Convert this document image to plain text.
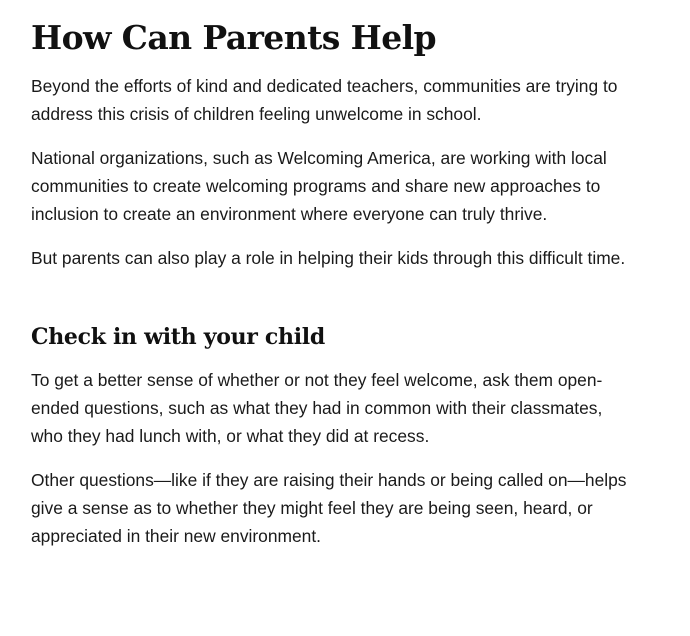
How Can Parents Help

Beyond the efforts of kind and dedicated teachers, communities are trying to address this crisis of children feeling unwelcome in school.

National organizations, such as Welcoming America, are working with local communities to create welcoming programs and share new approaches to inclusion to create an environment where everyone can truly thrive.

But parents can also play a role in helping their kids through this difficult time.

Check in with your child

To get a better sense of whether or not they feel welcome, ask them open-ended questions, such as what they had in common with their classmates, who they had lunch with, or what they did at recess.

Other questions—like if they are raising their hands or being called on—helps give a sense as to whether they might feel they are being seen, heard, or appreciated in their new environment.
